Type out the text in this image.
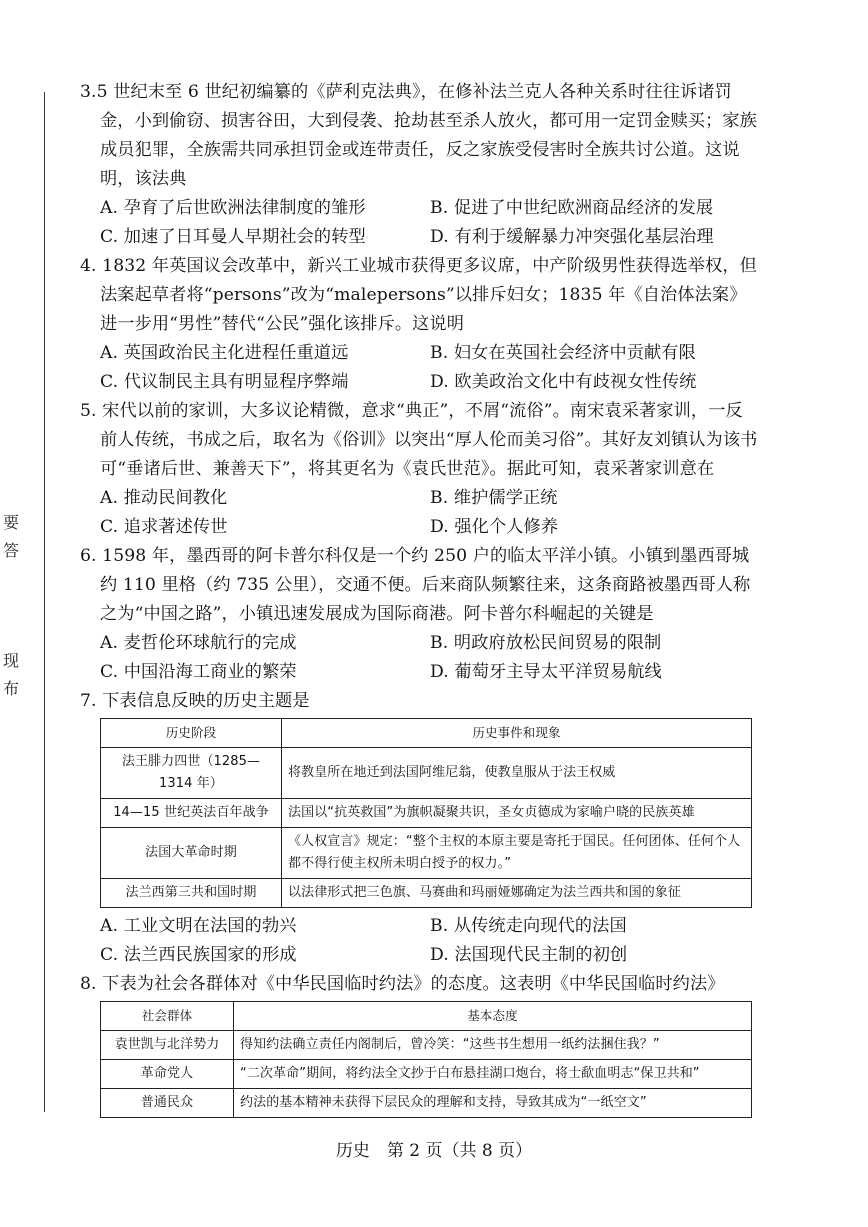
要
答
现
布

3.5 世纪末至 6 世纪初编纂的《萨利克法典》，在修补法兰克人各种关系时往往诉诸罚金，小到偷窃、损害谷田，大到侵袭、抢劫甚至杀人放火，都可用一定罚金赎买；家族成员犯罪，全族需共同承担罚金或连带责任，反之家族受侵害时全族共讨公道。这说明，该法典

A. 孕育了后世欧洲法律制度的雏形	B. 促进了中世纪欧洲商品经济的发展

C. 加速了日耳曼人早期社会的转型	D. 有利于缓解暴力冲突强化基层治理

4. 1832 年英国议会改革中，新兴工业城市获得更多议席，中产阶级男性获得选举权，但法案起草者将“persons”改为“malepersons”以排斥妇女；1835 年《自治体法案》进一步用“男性”替代“公民”强化该排斥。这说明

A. 英国政治民主化进程任重道远	B. 妇女在英国社会经济中贡献有限

C. 代议制民主具有明显程序弊端	D. 欧美政治文化中有歧视女性传统

5. 宋代以前的家训，大多议论精微，意求“典正”，不屑“流俗”。南宋袁采著家训，一反前人传统，书成之后，取名为《俗训》以突出“厚人伦而美习俗”。其好友刘镇认为该书可“垂诸后世、兼善天下”，将其更名为《袁氏世范》。据此可知，袁采著家训意在

A. 推动民间教化	B. 维护儒学正统

C. 追求著述传世	D. 强化个人修养

6. 1598 年，墨西哥的阿卡普尔科仅是一个约 250 户的临太平洋小镇。小镇到墨西哥城约 110 里格（约 735 公里），交通不便。后来商队频繁往来，这条商路被墨西哥人称之为“中国之路”，小镇迅速发展成为国际商港。阿卡普尔科崛起的关键是

A. 麦哲伦环球航行的完成	B. 明政府放松民间贸易的限制

C. 中国沿海工商业的繁荣	D. 葡萄牙主导太平洋贸易航线

7. 下表信息反映的历史主题是

历史阶段	历史事件和现象
法王腓力四世（1285—1314 年）	将教皇所在地迁到法国阿维尼翁，使教皇服从于法王权威
14—15 世纪英法百年战争	法国以“抗英救国”为旗帜凝聚共识，圣女贞德成为家喻户晓的民族英雄
法国大革命时期	《人权宣言》规定：“整个主权的本原主要是寄托于国民。任何团体、任何个人都不得行使主权所未明白授予的权力。”
法兰西第三共和国时期	以法律形式把三色旗、马赛曲和玛丽娅娜确定为法兰西共和国的象征

A. 工业文明在法国的勃兴	B. 从传统走向现代的法国

C. 法兰西民族国家的形成	D. 法国现代民主制的初创

8. 下表为社会各群体对《中华民国临时约法》的态度。这表明《中华民国临时约法》

社会群体	基本态度
袁世凯与北洋势力	得知约法确立责任内阁制后，曾冷笑：“这些书生想用一纸约法捆住我？”
革命党人	“二次革命”期间，将约法全文抄于白布悬挂湖口炮台，将士歃血明志“保卫共和”
普通民众	约法的基本精神未获得下层民众的理解和支持，导致其成为“一纸空文”
历史　第 2 页（共 8 页）
